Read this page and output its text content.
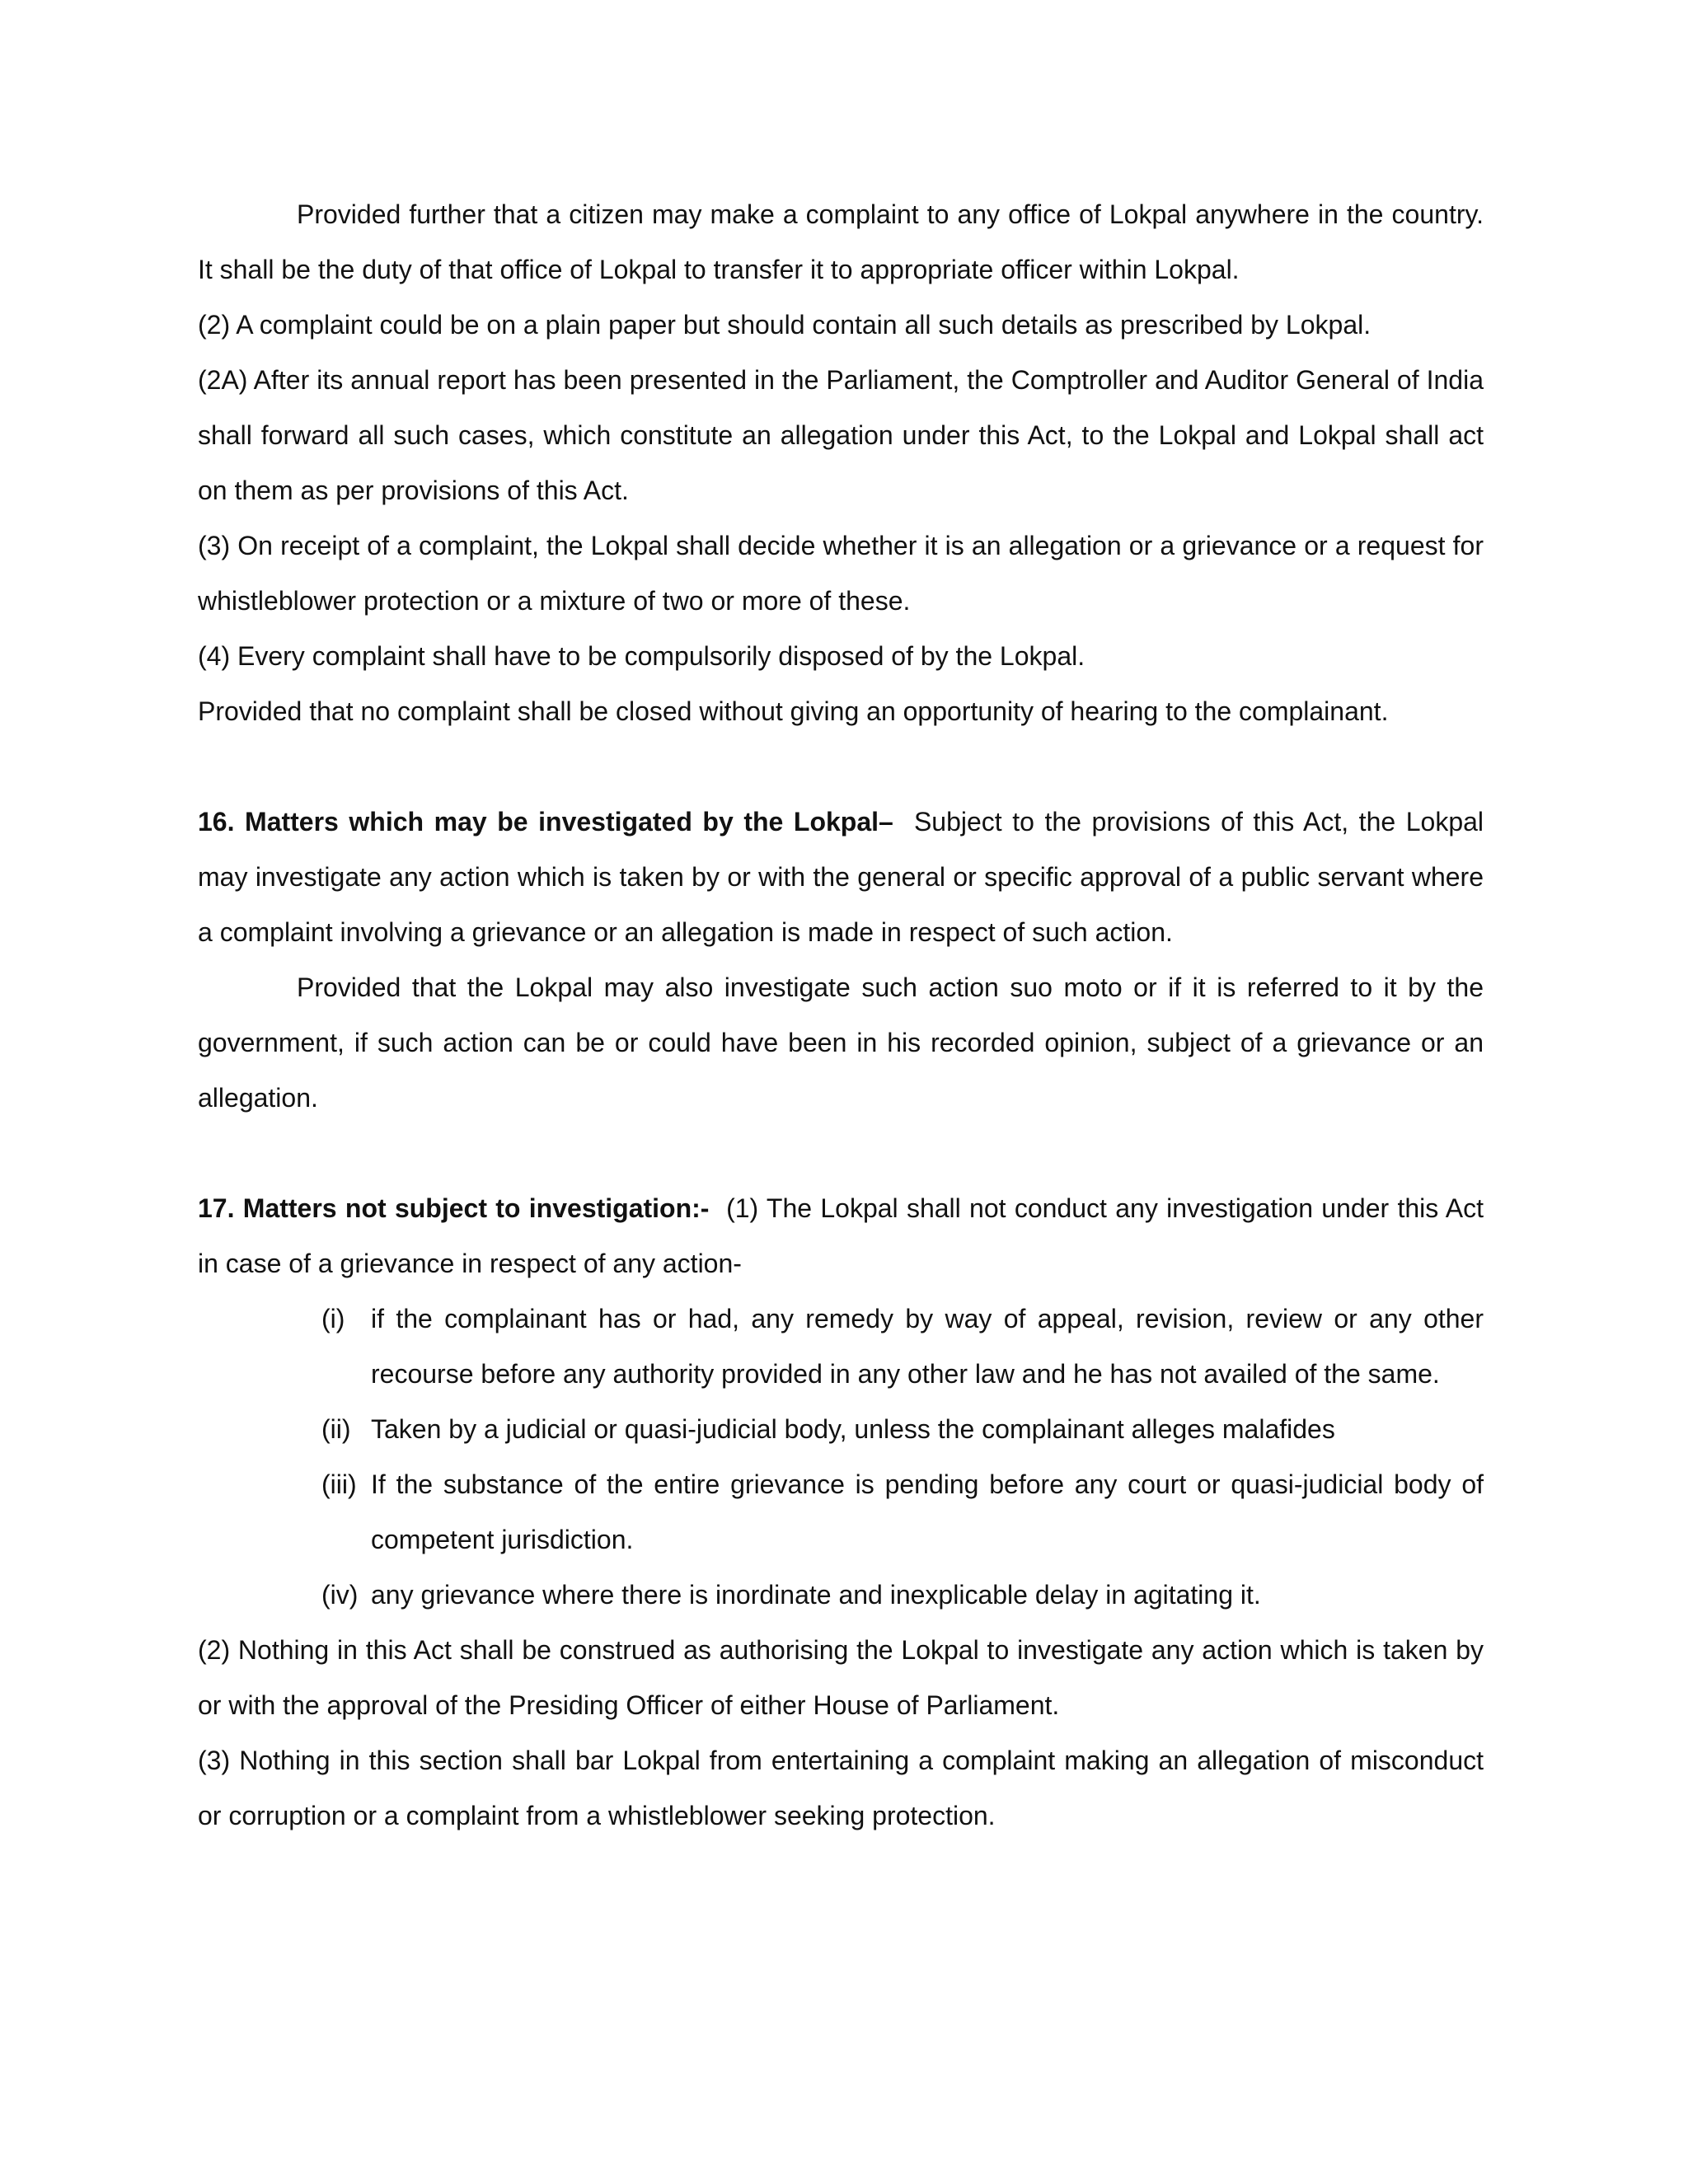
Provided further that a citizen may make a complaint to any office of Lokpal anywhere in the country. It shall be the duty of that office of Lokpal to transfer it to appropriate officer within Lokpal.

(2) A complaint could be on a plain paper but should contain all such details as prescribed by Lokpal.

(2A) After its annual report has been presented in the Parliament, the Comptroller and Auditor General of India shall forward all such cases, which constitute an allegation under this Act, to the Lokpal and Lokpal shall act on them as per provisions of this Act.

(3) On receipt of a complaint, the Lokpal shall decide whether it is an allegation or a grievance or a request for whistleblower protection or a mixture of two or more of these.

(4) Every complaint shall have to be compulsorily disposed of by the Lokpal.

Provided that no complaint shall be closed without giving an opportunity of hearing to the complainant.

16. Matters which may be investigated by the Lokpal– Subject to the provisions of this Act, the Lokpal may investigate any action which is taken by or with the general or specific approval of a public servant where a complaint involving a grievance or an allegation is made in respect of such action.

Provided that the Lokpal may also investigate such action suo moto or if it is referred to it by the government, if such action can be or could have been in his recorded opinion, subject of a grievance or an allegation.

17. Matters not subject to investigation:- (1) The Lokpal shall not conduct any investigation under this Act in case of a grievance in respect of any action-

(i) if the complainant has or had, any remedy by way of appeal, revision, review or any other recourse before any authority provided in any other law and he has not availed of the same.
(ii) Taken by a judicial or quasi-judicial body, unless the complainant alleges malafides
(iii) If the substance of the entire grievance is pending before any court or quasi-judicial body of competent jurisdiction.
(iv) any grievance where there is inordinate and inexplicable delay in agitating it.

(2) Nothing in this Act shall be construed as authorising the Lokpal to investigate any action which is taken by or with the approval of the Presiding Officer of either House of Parliament.

(3) Nothing in this section shall bar Lokpal from entertaining a complaint making an allegation of misconduct or corruption or a complaint from a whistleblower seeking protection.
